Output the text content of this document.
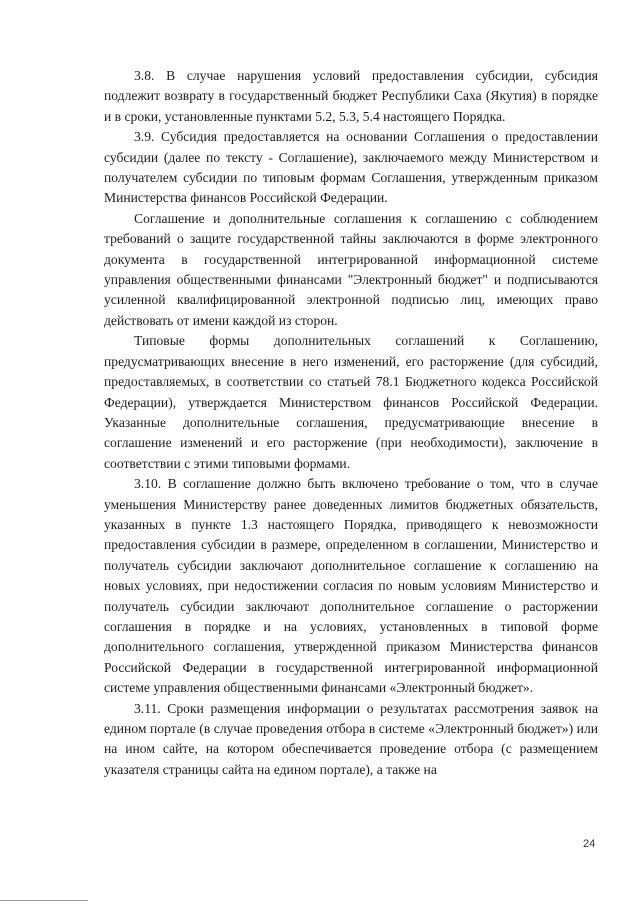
3.8. В случае нарушения условий предоставления субсидии, субсидия подлежит возврату в государственный бюджет Республики Саха (Якутия) в порядке и в сроки, установленные пунктами 5.2, 5.3, 5.4 настоящего Порядка.

3.9. Субсидия предоставляется на основании Соглашения о предоставлении субсидии (далее по тексту - Соглашение), заключаемого между Министерством и получателем субсидии по типовым формам Соглашения, утвержденным приказом Министерства финансов Российской Федерации.

Соглашение и дополнительные соглашения к соглашению с соблюдением требований о защите государственной тайны заключаются в форме электронного документа в государственной интегрированной информационной системе управления общественными финансами "Электронный бюджет" и подписываются усиленной квалифицированной электронной подписью лиц, имеющих право действовать от имени каждой из сторон.

Типовые формы дополнительных соглашений к Соглашению, предусматривающих внесение в него изменений, его расторжение (для субсидий, предоставляемых, в соответствии со статьей 78.1 Бюджетного кодекса Российской Федерации), утверждается Министерством финансов Российской Федерации. Указанные дополнительные соглашения, предусматривающие внесение в соглашение изменений и его расторжение (при необходимости), заключение в соответствии с этими типовыми формами.

3.10. В соглашение должно быть включено требование о том, что в случае уменьшения Министерству ранее доведенных лимитов бюджетных обязательств, указанных в пункте 1.3 настоящего Порядка, приводящего к невозможности предоставления субсидии в размере, определенном в соглашении, Министерство и получатель субсидии заключают дополнительное соглашение к соглашению на новых условиях, при недостижении согласия по новым условиям Министерство и получатель субсидии заключают дополнительное соглашение о расторжении соглашения в порядке и на условиях, установленных в типовой форме дополнительного соглашения, утвержденной приказом Министерства финансов Российской Федерации в государственной интегрированной информационной системе управления общественными финансами «Электронный бюджет».

3.11. Сроки размещения информации о результатах рассмотрения заявок на едином портале (в случае проведения отбора в системе «Электронный бюджет») или на ином сайте, на котором обеспечивается проведение отбора (с размещением указателя страницы сайта на едином портале), а также на

24
